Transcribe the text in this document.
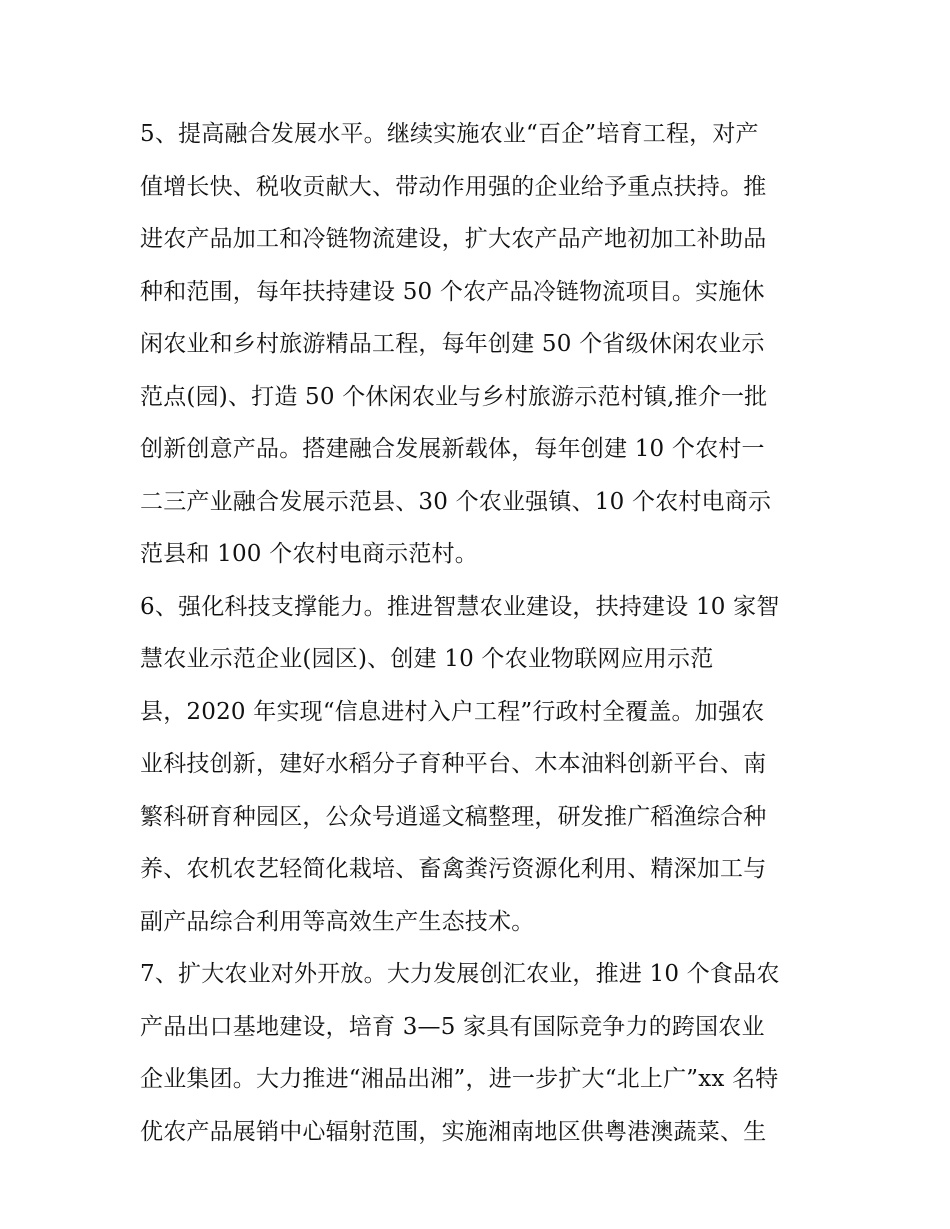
5、提高融合发展水平。继续实施农业“百企”培育工程，对产
值增长快、税收贡献大、带动作用强的企业给予重点扶持。推
进农产品加工和冷链物流建设，扩大农产品产地初加工补助品
种和范围，每年扶持建设 50 个农产品冷链物流项目。实施休
闲农业和乡村旅游精品工程，每年创建 50 个省级休闲农业示
范点(园)、打造 50 个休闲农业与乡村旅游示范村镇,推介一批
创新创意产品。搭建融合发展新载体，每年创建 10 个农村一
二三产业融合发展示范县、30 个农业强镇、10 个农村电商示
范县和 100 个农村电商示范村。
6、强化科技支撑能力。推进智慧农业建设，扶持建设 10 家智
慧农业示范企业(园区)、创建 10 个农业物联网应用示范
县，2020 年实现“信息进村入户工程”行政村全覆盖。加强农
业科技创新，建好水稻分子育种平台、木本油料创新平台、南
繁科研育种园区，公众号逍遥文稿整理，研发推广稻渔综合种
养、农机农艺轻简化栽培、畜禽粪污资源化利用、精深加工与
副产品综合利用等高效生产生态技术。
7、扩大农业对外开放。大力发展创汇农业，推进 10 个食品农
产品出口基地建设，培育 3—5 家具有国际竞争力的跨国农业
企业集团。大力推进“湘品出湘”，进一步扩大“北上广”xx 名特
优农产品展销中心辐射范围，实施湘南地区供粤港澳蔬菜、生
